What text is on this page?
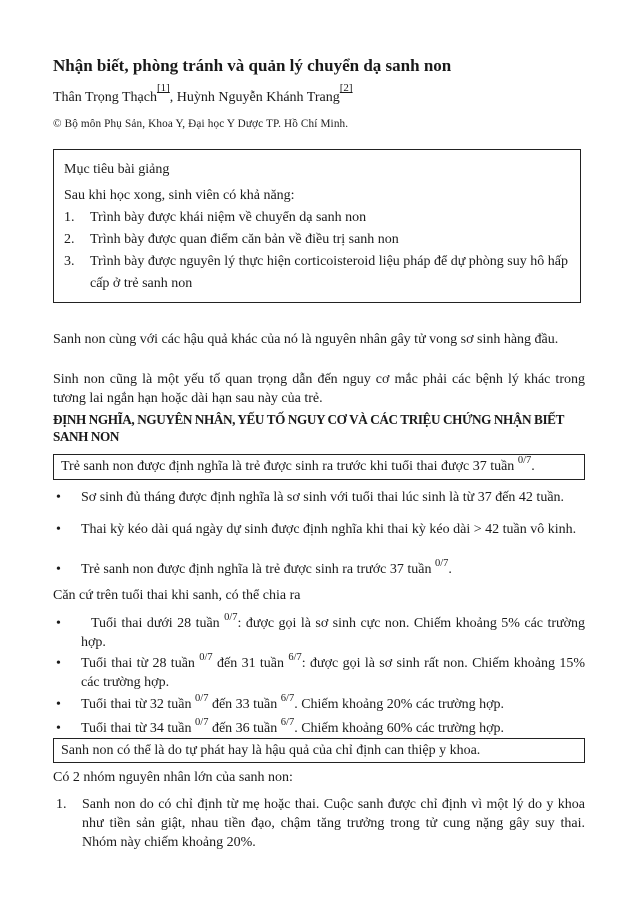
Nhận biết, phòng tránh và quản lý chuyển dạ sanh non
Thân Trọng Thạch[1], Huỳnh Nguyễn Khánh Trang[2]
© Bộ môn Phụ Sản, Khoa Y, Đại học Y Dược TP. Hồ Chí Minh.
Mục tiêu bài giảng
Sau khi học xong, sinh viên có khả năng:
1.	Trình bày được khái niệm về chuyển dạ sanh non
2.	Trình bày được quan điểm căn bản về điều trị sanh non
3.	Trình bày được nguyên lý thực hiện corticoisteroid liệu pháp để dự phòng suy hô hấp cấp ở trẻ sanh non
Sanh non cùng với các hậu quả khác của nó là nguyên nhân gây tử vong sơ sinh hàng đầu.
Sinh non cũng là một yếu tố quan trọng dẫn đến nguy cơ mắc phải các bệnh lý khác trong tương lai ngắn hạn hoặc dài hạn sau này của trẻ.
ĐỊNH NGHĨA, NGUYÊN NHÂN, YẾU TỐ NGUY CƠ VÀ CÁC TRIỆU CHỨNG NHẬN BIẾT SANH NON
Trẻ sanh non được định nghĩa là trẻ được sinh ra trước khi tuổi thai được 37 tuần $^{0/7}$.
• Sơ sinh đủ tháng được định nghĩa là sơ sinh với tuổi thai lúc sinh là từ 37 đến 42 tuần.
• Thai kỳ kéo dài quá ngày dự sinh được định nghĩa khi thai kỳ kéo dài > 42 tuần vô kinh.
• Trẻ sanh non được định nghĩa là trẻ được sinh ra trước 37 tuần $^{0/7}$.
Căn cứ trên tuổi thai khi sanh, có thể chia ra
•	Tuổi thai dưới 28 tuần $^{0/7}$: được gọi là sơ sinh cực non. Chiếm khoảng 5% các trường hợp.
• Tuổi thai từ 28 tuần $^{0/7}$ đến 31 tuần $^{6/7}$: được gọi là sơ sinh rất non. Chiếm khoảng 15% các trường hợp.
• Tuổi thai từ 32 tuần $^{0/7}$ đến 33 tuần $^{6/7}$. Chiếm khoảng 20% các trường hợp.
• Tuổi thai từ 34 tuần $^{0/7}$ đến 36 tuần $^{6/7}$. Chiếm khoảng 60% các trường hợp.
Sanh non có thể là do tự phát hay là hậu quả của chỉ định can thiệp y khoa.
Có 2 nhóm nguyên nhân lớn của sanh non:
1. Sanh non do có chỉ định từ mẹ hoặc thai. Cuộc sanh được chỉ định vì một lý do y khoa như tiền sản giật, nhau tiền đạo, chậm tăng trưởng trong tử cung nặng gây suy thai. Nhóm này chiếm khoảng 20%.
